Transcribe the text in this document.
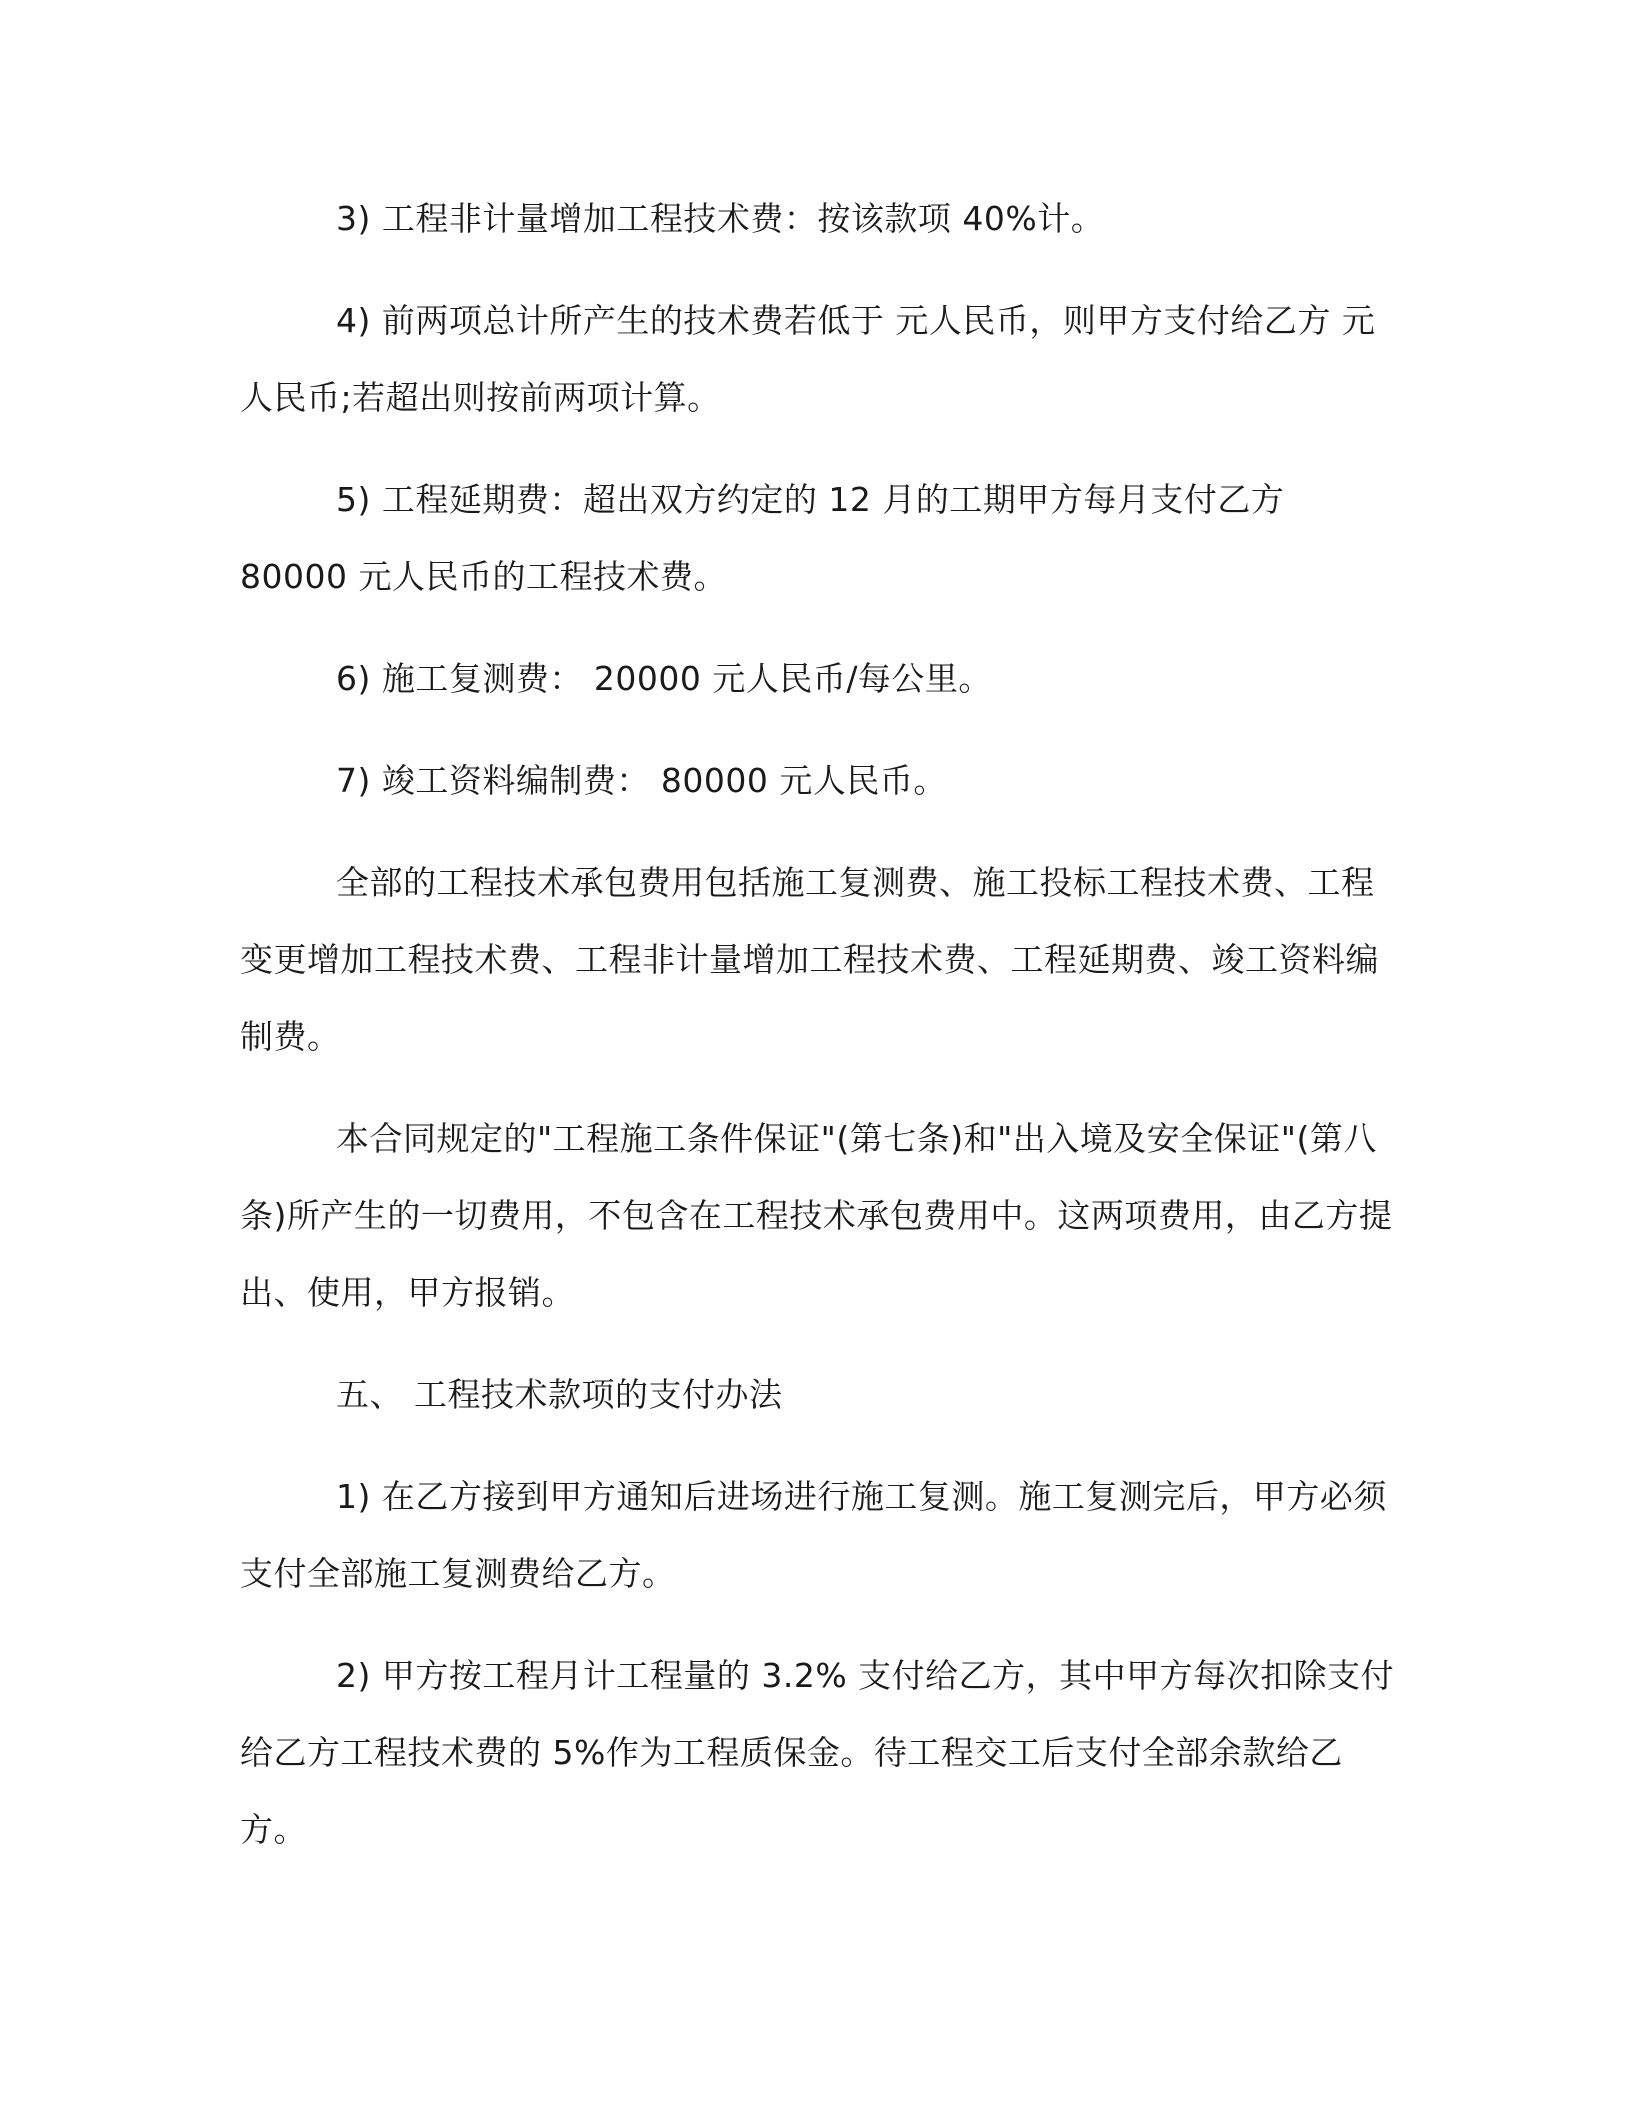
3) 工程非计量增加工程技术费：按该款项 40%计。

4) 前两项总计所产生的技术费若低于 元人民币，则甲方支付给乙方 元人民币;若超出则按前两项计算。

5) 工程延期费：超出双方约定的 12 月的工期甲方每月支付乙方 80000 元人民币的工程技术费。

6) 施工复测费： 20000 元人民币/每公里。

7) 竣工资料编制费： 80000 元人民币。

全部的工程技术承包费用包括施工复测费、施工投标工程技术费、工程变更增加工程技术费、工程非计量增加工程技术费、工程延期费、竣工资料编制费。

本合同规定的"工程施工条件保证"(第七条)和"出入境及安全保证"(第八条)所产生的一切费用，不包含在工程技术承包费用中。这两项费用，由乙方提出、使用，甲方报销。

五、 工程技术款项的支付办法

1) 在乙方接到甲方通知后进场进行施工复测。施工复测完后，甲方必须支付全部施工复测费给乙方。

2) 甲方按工程月计工程量的 3.2% 支付给乙方，其中甲方每次扣除支付给乙方工程技术费的 5%作为工程质保金。待工程交工后支付全部余款给乙方。
